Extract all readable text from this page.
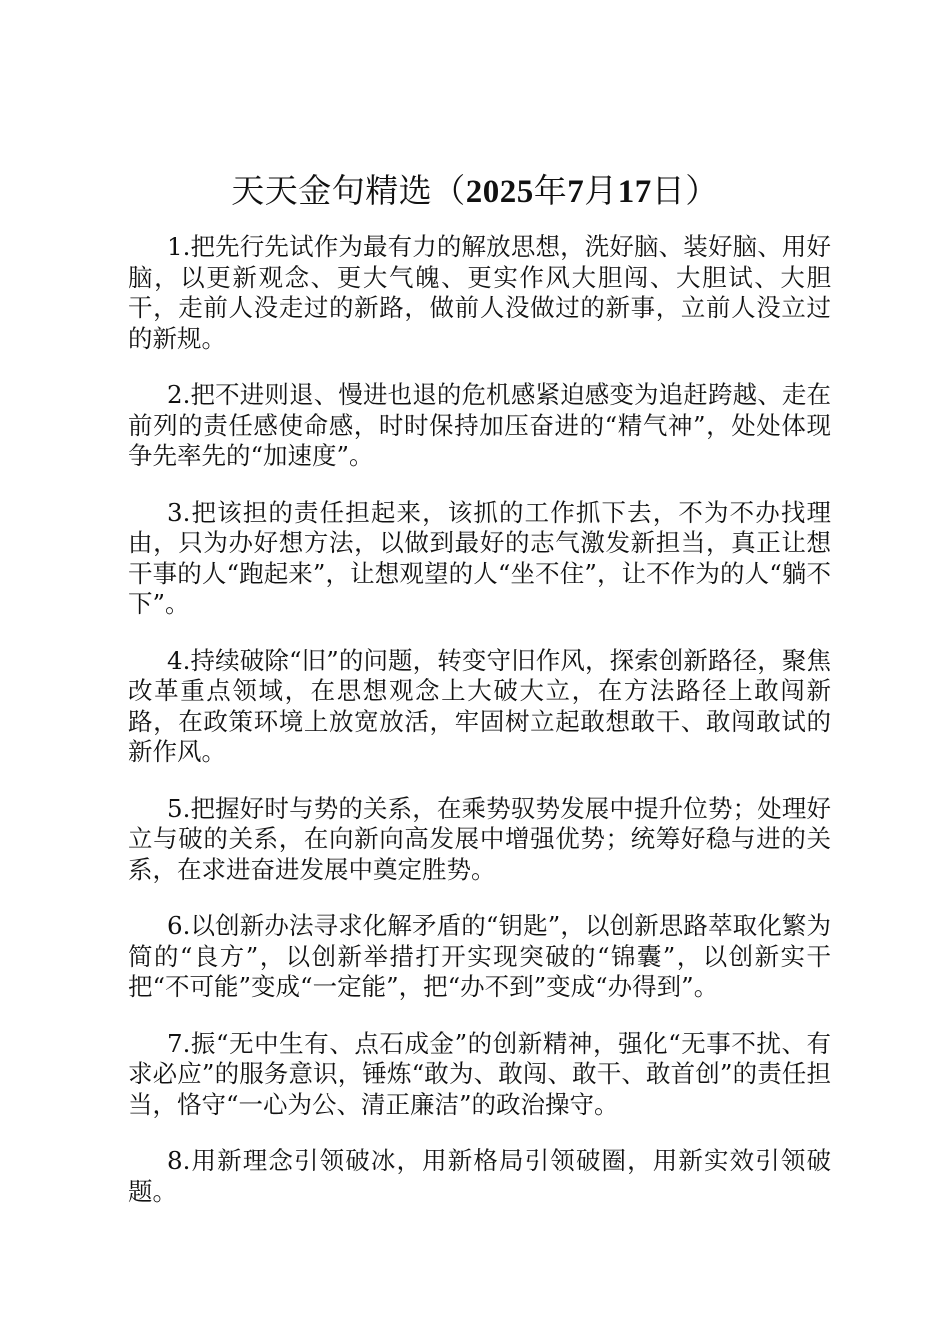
天天金句精选（2025年7月17日）

1.把先行先试作为最有力的解放思想，洗好脑、装好脑、用好脑，以更新观念、更大气魄、更实作风大胆闯、大胆试、大胆干，走前人没走过的新路，做前人没做过的新事，立前人没立过的新规。

2.把不进则退、慢进也退的危机感紧迫感变为追赶跨越、走在前列的责任感使命感，时时保持加压奋进的“精气神”，处处体现争先率先的“加速度”。

3.把该担的责任担起来，该抓的工作抓下去，不为不办找理由，只为办好想方法，以做到最好的志气激发新担当，真正让想干事的人“跑起来”，让想观望的人“坐不住”，让不作为的人“躺不下”。

4.持续破除“旧”的问题，转变守旧作风，探索创新路径，聚焦改革重点领域，在思想观念上大破大立，在方法路径上敢闯新路，在政策环境上放宽放活，牢固树立起敢想敢干、敢闯敢试的新作风。

5.把握好时与势的关系，在乘势驭势发展中提升位势；处理好立与破的关系，在向新向高发展中增强优势；统筹好稳与进的关系，在求进奋进发展中奠定胜势。

6.以创新办法寻求化解矛盾的“钥匙”，以创新思路萃取化繁为简的“良方”，以创新举措打开实现突破的“锦囊”，以创新实干把“不可能”变成“一定能”，把“办不到”变成“办得到”。

7.振“无中生有、点石成金”的创新精神，强化“无事不扰、有求必应”的服务意识，锤炼“敢为、敢闯、敢干、敢首创”的责任担当，恪守“一心为公、清正廉洁”的政治操守。

8.用新理念引领破冰，用新格局引领破圈，用新实效引领破题。
